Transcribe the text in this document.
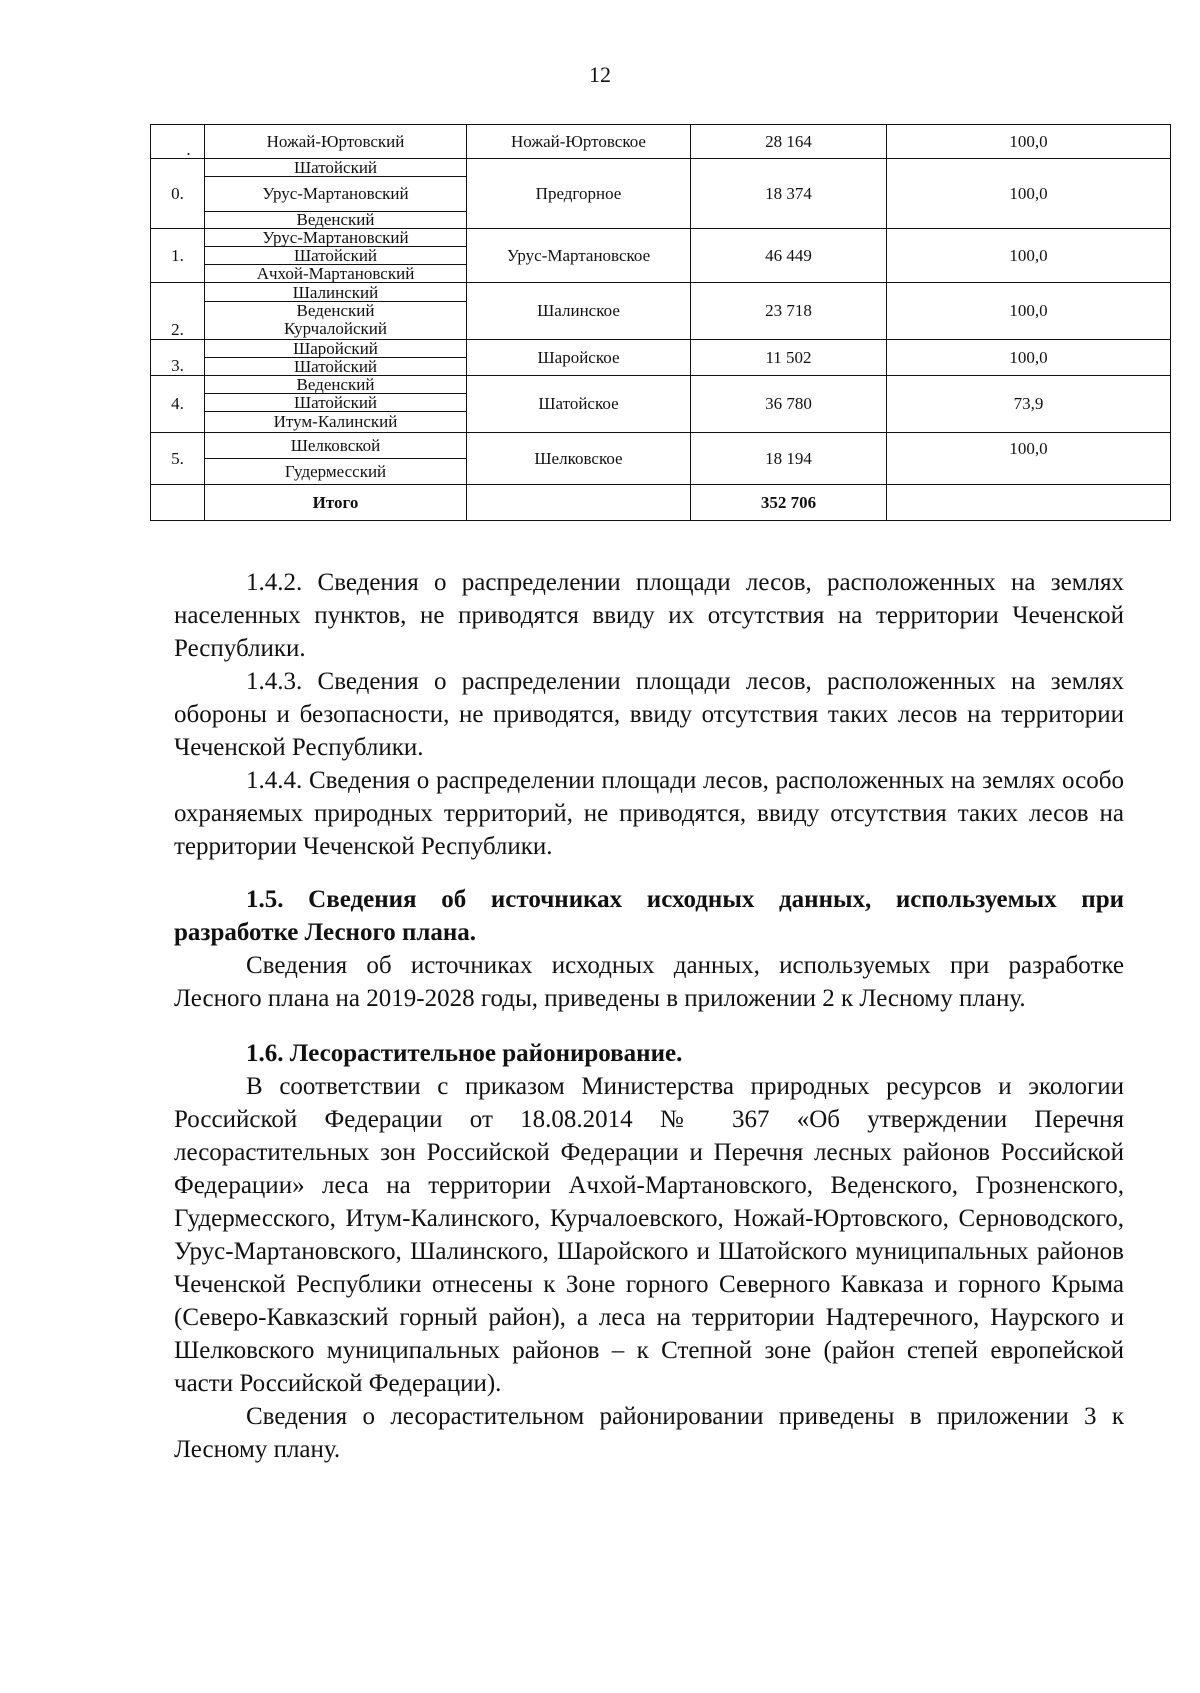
12
.	Ножай-Юртовский	Ножай-Юртовское	28 164	100,0
0.	Шатойский
Урус-Мартановский
Веденский	Предгорное	18 374	100,0
1.	Урус-Мартановский
Шатойский
Ачхой-Мартановский	Урус-Мартановское	46 449	100,0
2.	Шалинский
Веденский
Курчалойский	Шалинское	23 718	100,0
3.	Шаройский
Шатойский	Шаройское	11 502	100,0
4.	Веденский
Шатойский
Итум-Калинский	Шатойское	36 780	73,9
5.	Шелковской
Гудермесский	Шелковское	18 194	100,0
	Итого		352 706	

1.4.2. Сведения о распределении площади лесов, расположенных на землях населенных пунктов, не приводятся ввиду их отсутствия на территории Чеченской Республики.

1.4.3. Сведения о распределении площади лесов, расположенных на землях обороны и безопасности, не приводятся, ввиду отсутствия таких лесов на территории Чеченской Республики.

1.4.4. Сведения о распределении площади лесов, расположенных на землях особо охраняемых природных территорий, не приводятся, ввиду отсутствия таких лесов на территории Чеченской Республики.

1.5. Сведения об источниках исходных данных, используемых при разработке Лесного плана.

Сведения об источниках исходных данных, используемых при разработке Лесного плана на 2019-2028 годы, приведены в приложении 2 к Лесному плану.

1.6. Лесорастительное районирование.

В соответствии с приказом Министерства природных ресурсов и экологии Российской Федерации от 18.08.2014 № 367 «Об утверждении Перечня лесорастительных зон Российской Федерации и Перечня лесных районов Российской Федерации» леса на территории Ачхой-Мартановского, Веденского, Грозненского, Гудермесского, Итум-Калинского, Курчалоевского, Ножай-Юртовского, Серноводского, Урус-Мартановского, Шалинского, Шаройского и Шатойского муниципальных районов Чеченской Республики отнесены к Зоне горного Северного Кавказа и горного Крыма (Северо-Кавказский горный район), а леса на территории Надтеречного, Наурского и Шелковского муниципальных районов – к Степной зоне (район степей европейской части Российской Федерации).

Сведения о лесорастительном районировании приведены в приложении 3 к Лесному плану.
